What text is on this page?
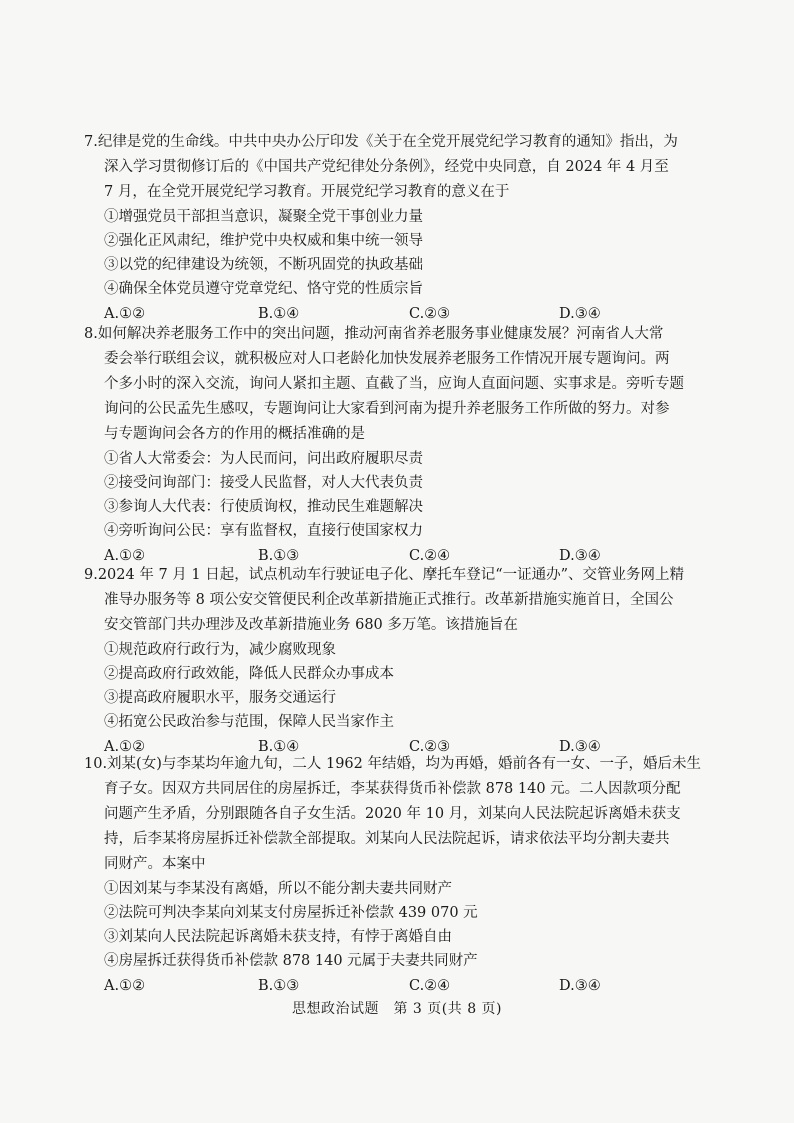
7.纪律是党的生命线。中共中央办公厅印发《关于在全党开展党纪学习教育的通知》指出，为
深入学习贯彻修订后的《中国共产党纪律处分条例》，经党中央同意，自 2024 年 4 月至
7 月，在全党开展党纪学习教育。开展党纪学习教育的意义在于
①增强党员干部担当意识，凝聚全党干事创业力量
②强化正风肃纪，维护党中央权威和集中统一领导
③以党的纪律建设为统领，不断巩固党的执政基础
④确保全体党员遵守党章党纪、恪守党的性质宗旨
A.①②	B.①④	C.②③	D.③④
8.如何解决养老服务工作中的突出问题，推动河南省养老服务事业健康发展？河南省人大常
委会举行联组会议，就积极应对人口老龄化加快发展养老服务工作情况开展专题询问。两
个多小时的深入交流，询问人紧扣主题、直截了当，应询人直面问题、实事求是。旁听专题
询问的公民孟先生感叹，专题询问让大家看到河南为提升养老服务工作所做的努力。对参
与专题询问会各方的作用的概括准确的是
①省人大常委会：为人民而问，问出政府履职尽责
②接受问询部门：接受人民监督，对人大代表负责
③参询人大代表：行使质询权，推动民生难题解决
④旁听询问公民：享有监督权，直接行使国家权力
A.①②	B.①③	C.②④	D.③④
9.2024 年 7 月 1 日起，试点机动车行驶证电子化、摩托车登记“一证通办”、交管业务网上精
准导办服务等 8 项公安交管便民利企改革新措施正式推行。改革新措施实施首日，全国公
安交管部门共办理涉及改革新措施业务 680 多万笔。该措施旨在
①规范政府行政行为，减少腐败现象
②提高政府行政效能，降低人民群众办事成本
③提高政府履职水平，服务交通运行
④拓宽公民政治参与范围，保障人民当家作主
A.①②	B.①④	C.②③	D.③④
10.刘某(女)与李某均年逾九旬，二人 1962 年结婚，均为再婚，婚前各有一女、一子，婚后未生
育子女。因双方共同居住的房屋拆迁，李某获得货币补偿款 878 140 元。二人因款项分配
问题产生矛盾，分别跟随各自子女生活。2020 年 10 月，刘某向人民法院起诉离婚未获支
持，后李某将房屋拆迁补偿款全部提取。刘某向人民法院起诉，请求依法平均分割夫妻共
同财产。本案中
①因刘某与李某没有离婚，所以不能分割夫妻共同财产
②法院可判决李某向刘某支付房屋拆迁补偿款 439 070 元
③刘某向人民法院起诉离婚未获支持，有悖于离婚自由
④房屋拆迁获得货币补偿款 878 140 元属于夫妻共同财产
A.①②	B.①③	C.②④	D.③④
思想政治试题　第 3 页(共 8 页)
